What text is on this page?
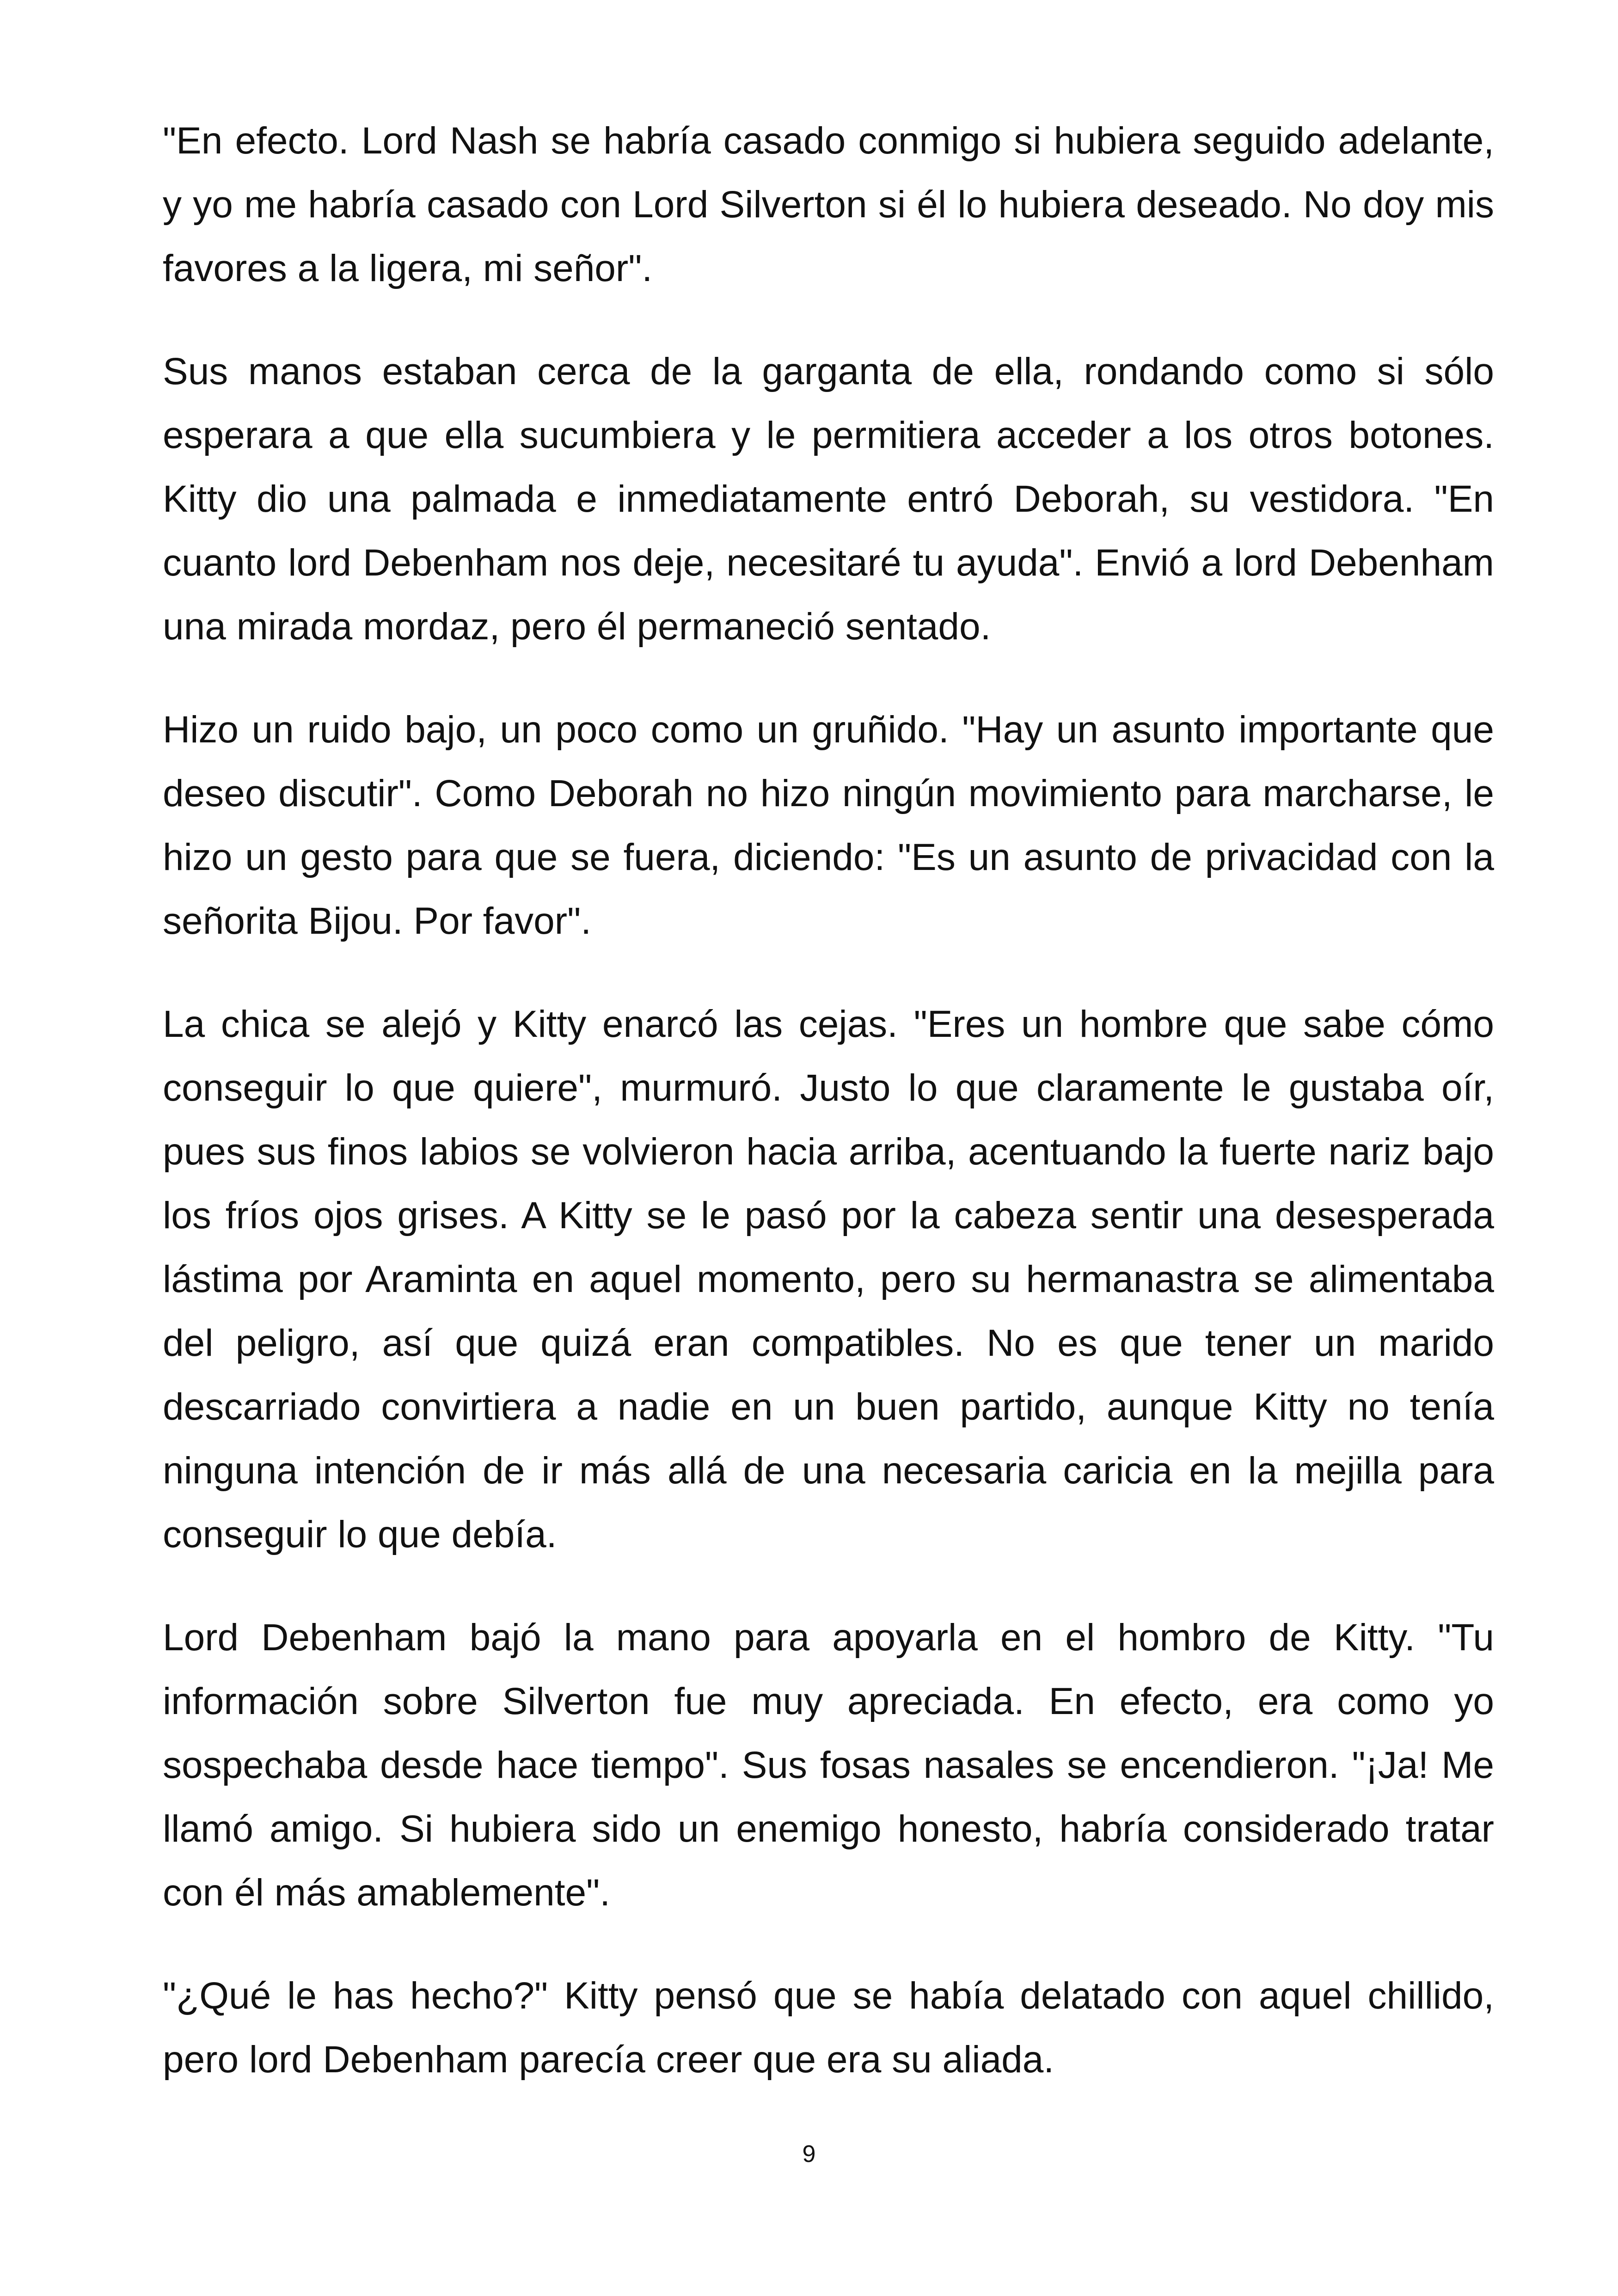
"En efecto. Lord Nash se habría casado conmigo si hubiera seguido adelante, y yo me habría casado con Lord Silverton si él lo hubiera deseado. No doy mis favores a la ligera, mi señor".

Sus manos estaban cerca de la garganta de ella, rondando como si sólo esperara a que ella sucumbiera y le permitiera acceder a los otros botones. Kitty dio una palmada e inmediatamente entró Deborah, su vestidora. "En cuanto lord Debenham nos deje, necesitaré tu ayuda". Envió a lord Debenham una mirada mordaz, pero él permaneció sentado.

Hizo un ruido bajo, un poco como un gruñido. "Hay un asunto importante que deseo discutir". Como Deborah no hizo ningún movimiento para marcharse, le hizo un gesto para que se fuera, diciendo: "Es un asunto de privacidad con la señorita Bijou. Por favor".

La chica se alejó y Kitty enarcó las cejas. "Eres un hombre que sabe cómo conseguir lo que quiere", murmuró. Justo lo que claramente le gustaba oír, pues sus finos labios se volvieron hacia arriba, acentuando la fuerte nariz bajo los fríos ojos grises. A Kitty se le pasó por la cabeza sentir una desesperada lástima por Araminta en aquel momento, pero su hermanastra se alimentaba del peligro, así que quizá eran compatibles. No es que tener un marido descarriado convirtiera a nadie en un buen partido, aunque Kitty no tenía ninguna intención de ir más allá de una necesaria caricia en la mejilla para conseguir lo que debía.

Lord Debenham bajó la mano para apoyarla en el hombro de Kitty. "Tu información sobre Silverton fue muy apreciada. En efecto, era como yo sospechaba desde hace tiempo". Sus fosas nasales se encendieron. "¡Ja! Me llamó amigo. Si hubiera sido un enemigo honesto, habría considerado tratar con él más amablemente".

"¿Qué le has hecho?" Kitty pensó que se había delatado con aquel chillido, pero lord Debenham parecía creer que era su aliada.

9
